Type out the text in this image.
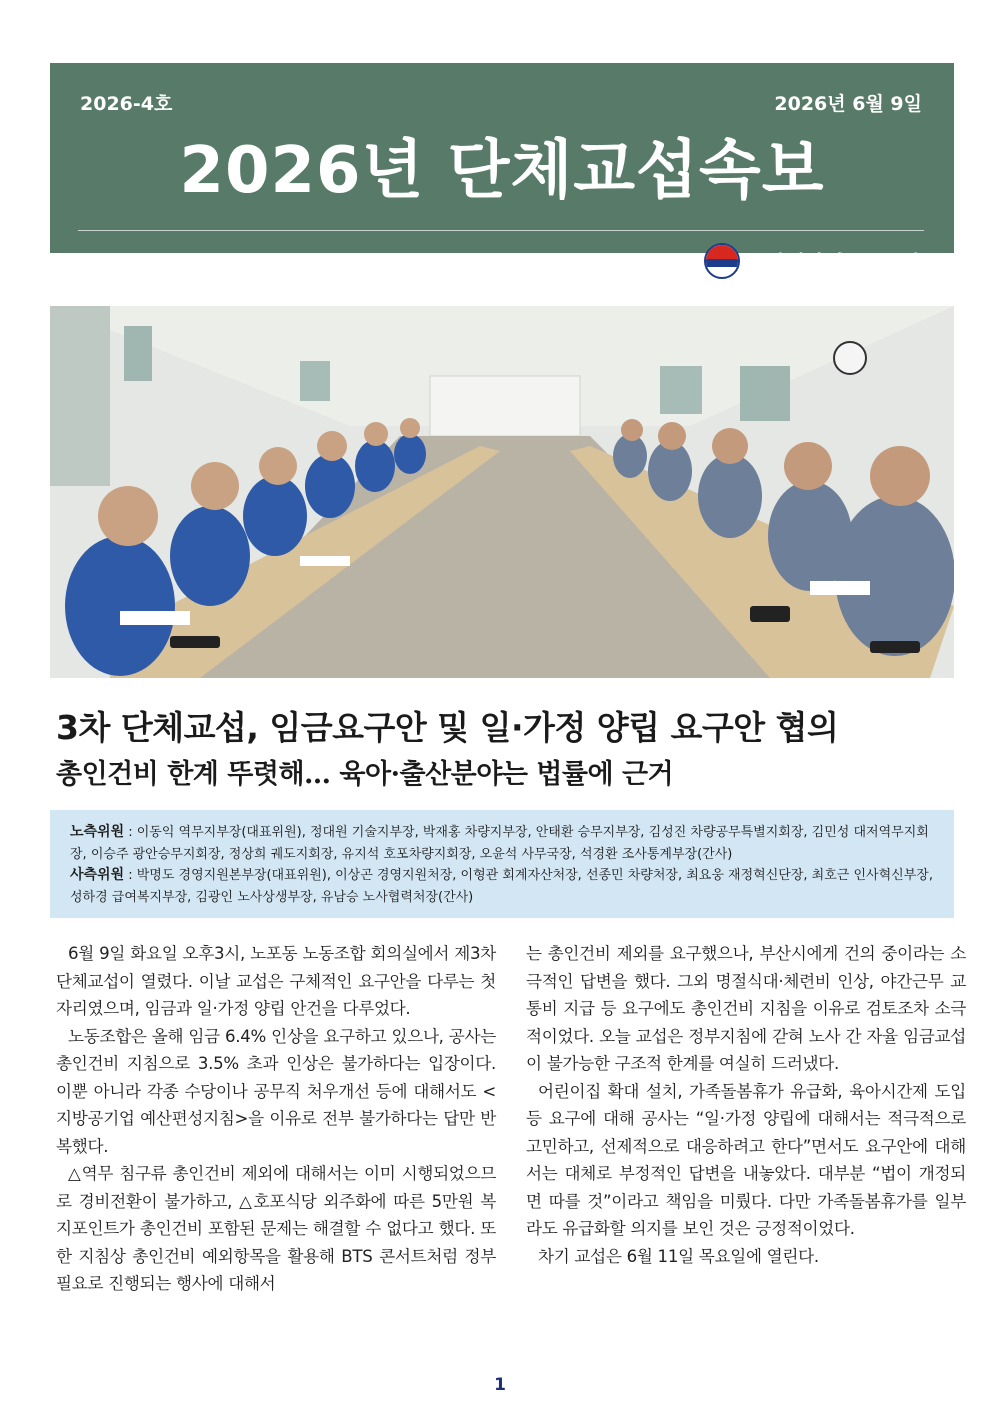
2026-4호	2026년 6월 9일
2026년 단체교섭속보
부산지하철노동조합
3차 단체교섭, 임금요구안 및 일·가정 양립 요구안 협의
총인건비 한계 뚜렷해… 육아·출산분야는 법률에 근거

노측위원 : 이동익 역무지부장(대표위원), 정대원 기술지부장, 박재홍 차량지부장, 안태환 승무지부장, 김성진 차량공무특별지회장, 김민성 대저역무지회장, 이승주 광안승무지회장, 정상희 궤도지회장, 유지석 호포차량지회장, 오윤석 사무국장, 석경환 조사통계부장(간사)

사측위원 : 박명도 경영지원본부장(대표위원), 이상곤 경영지원처장, 이형관 회계자산처장, 선종민 차량처장, 최요웅 재정혁신단장, 최호근 인사혁신부장, 성하경 급여복지부장, 김광인 노사상생부장, 유남승 노사협력처장(간사)

6월 9일 화요일 오후3시, 노포동 노동조합 회의실에서 제3차 단체교섭이 열렸다. 이날 교섭은 구체적인 요구안을 다루는 첫 자리였으며, 임금과 일·가정 양립 안건을 다루었다.

노동조합은 올해 임금 6.4% 인상을 요구하고 있으나, 공사는 총인건비 지침으로 3.5% 초과 인상은 불가하다는 입장이다. 이뿐 아니라 각종 수당이나 공무직 처우개선 등에 대해서도 <지방공기업 예산편성지침>을 이유로 전부 불가하다는 답만 반복했다.

△역무 침구류 총인건비 제외에 대해서는 이미 시행되었으므로 경비전환이 불가하고, △호포식당 외주화에 따른 5만원 복지포인트가 총인건비 포함된 문제는 해결할 수 없다고 했다. 또한 지침상 총인건비 예외항목을 활용해 BTS 콘서트처럼 정부 필요로 진행되는 행사에 대해서

는 총인건비 제외를 요구했으나, 부산시에게 건의 중이라는 소극적인 답변을 했다. 그외 명절식대·체련비 인상, 야간근무 교통비 지급 등 요구에도 총인건비 지침을 이유로 검토조차 소극적이었다. 오늘 교섭은 정부지침에 갇혀 노사 간 자율 임금교섭이 불가능한 구조적 한계를 여실히 드러냈다.

어린이집 확대 설치, 가족돌봄휴가 유급화, 육아시간제 도입 등 요구에 대해 공사는 “일·가정 양립에 대해서는 적극적으로 고민하고, 선제적으로 대응하려고 한다”면서도 요구안에 대해서는 대체로 부정적인 답변을 내놓았다. 대부분 “법이 개정되면 따를 것”이라고 책임을 미뤘다. 다만 가족돌봄휴가를 일부라도 유급화할 의지를 보인 것은 긍정적이었다.

차기 교섭은 6월 11일 목요일에 열린다.

1
